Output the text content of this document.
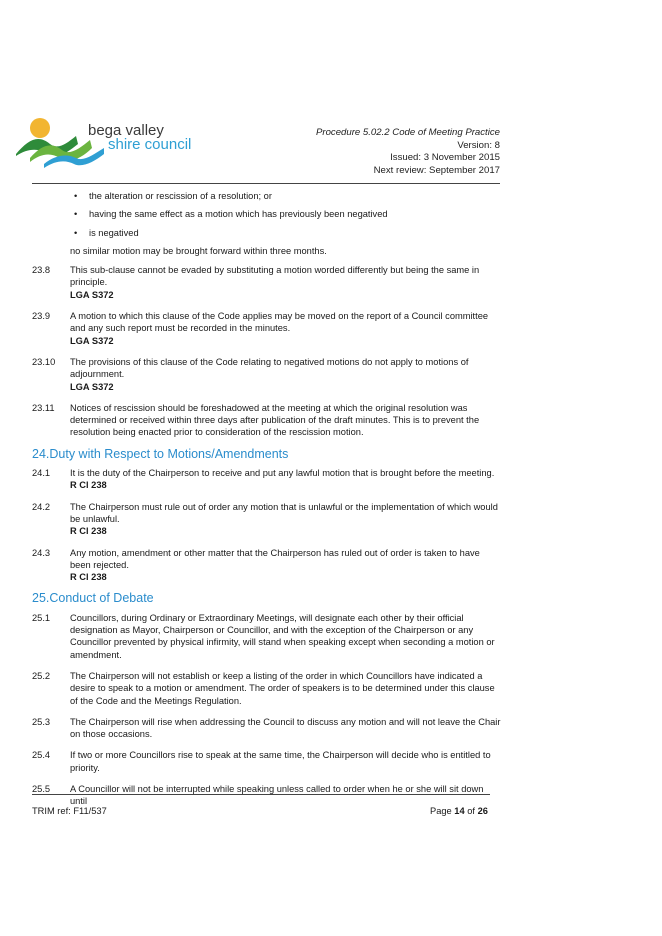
bega valley
shire council
Procedure 5.02.2 Code of Meeting Practice
Version: 8
Issued: 3 November 2015
Next review: September 2017
• the alteration or rescission of a resolution; or
• having the same effect as a motion which has previously been negatived
• is negatived

no similar motion may be brought forward within three months.

23.8	This sub-clause cannot be evaded by substituting a motion worded differently but being the same in principle.
LGA S372
23.9	A motion to which this clause of the Code applies may be moved on the report of a Council committee and any such report must be recorded in the minutes.
LGA S372
23.10	The provisions of this clause of the Code relating to negatived motions do not apply to motions of adjournment.
LGA S372
23.11	Notices of rescission should be foreshadowed at the meeting at which the original resolution was determined or received within three days after publication of the draft minutes. This is to prevent the resolution being enacted prior to consideration of the rescission motion.
24.Duty with Respect to Motions/Amendments
24.1	It is the duty of the Chairperson to receive and put any lawful motion that is brought before the meeting.
R Cl 238
24.2	The Chairperson must rule out of order any motion that is unlawful or the implementation of which would be unlawful.
R Cl 238
24.3	Any motion, amendment or other matter that the Chairperson has ruled out of order is taken to have been rejected.
R Cl 238
25.Conduct of Debate
25.1	Councillors, during Ordinary or Extraordinary Meetings, will designate each other by their official designation as Mayor, Chairperson or Councillor, and with the exception of the Chairperson or any Councillor prevented by physical infirmity, will stand when speaking except when seconding a motion or amendment.
25.2	The Chairperson will not establish or keep a listing of the order in which Councillors have indicated a desire to speak to a motion or amendment. The order of speakers is to be determined under this clause of the Code and the Meetings Regulation.
25.3	The Chairperson will rise when addressing the Council to discuss any motion and will not leave the Chair on those occasions.
25.4	If two or more Councillors rise to speak at the same time, the Chairperson will decide who is entitled to priority.
25.5	A Councillor will not be interrupted while speaking unless called to order when he or she will sit down until
TRIM ref: F11/537	Page 14 of 26
